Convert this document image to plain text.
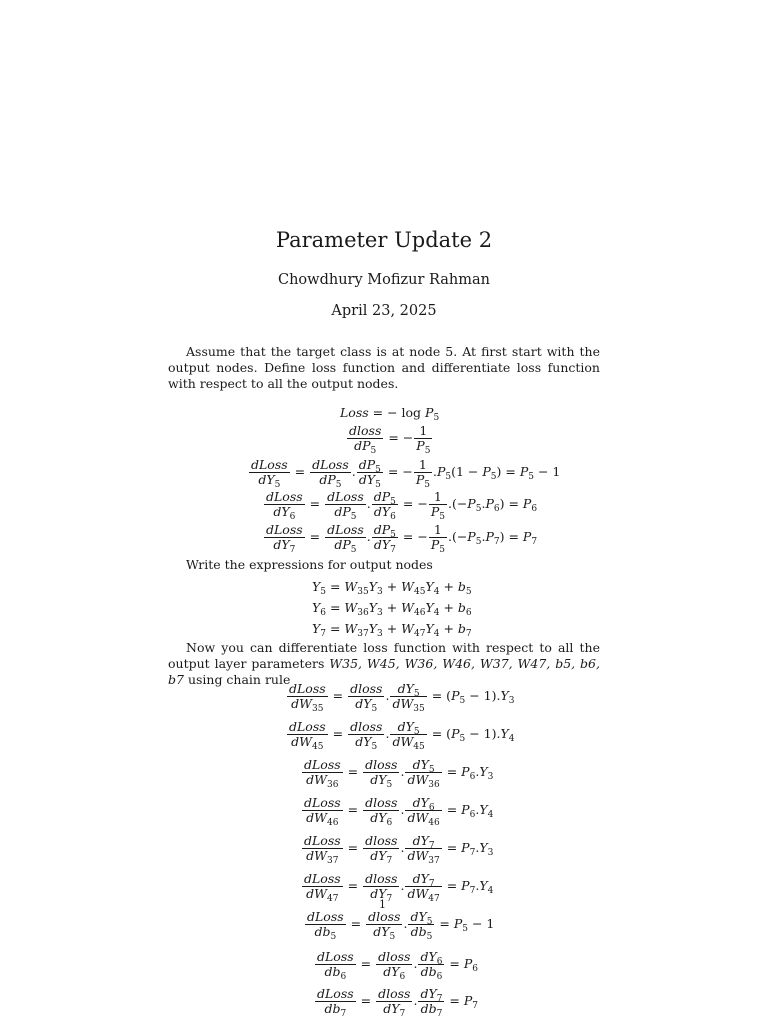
Parameter Update 2
Chowdhury Mofizur Rahman
April 23, 2025
Assume that the target class is at node 5. At first start with the output nodes. Define loss function and differentiate loss function with respect to all the output nodes.
Loss = − $\log P_5$
$\frac{\text{dloss}}{dP_5}$ = − $\frac{1}{P_5}$
$\frac{\text{dLoss}}{dY_5} = \frac{\text{dLoss}}{dP_5}$ . $\frac{dP_5}{dY_5}$ = − $\frac{1}{P_5} .P_5(1 - P_5) = P_5 - 1$
$\frac{\text{dLoss}}{dY_6} = \frac{\text{dLoss}}{dP_5}$ . $\frac{dP_5}{dY_6}$ = − $\frac{1}{P_5} .(-P_5.P_6) = P_6$
$\frac{\text{dLoss}}{dY_7} = \frac{\text{dLoss}}{dP_5}$ . $\frac{dP_5}{dY_7}$ = − $\frac{1}{P_5} .(-P_5.P_7) = P_7$
Write the expressions for output nodes
$Y_5 = W_{35}Y_3 + W_{45}Y_4 + b_5$
$Y_6 = W_{36}Y_3 + W_{46}Y_4 + b_6$
$Y_7 = W_{37}Y_3 + W_{47}Y_4 + b_7$
Now you can differentiate loss function with respect to all the output layer parameters W35, W45, W36, W46, W37, W47, b5, b6, b7 using chain rule
$\frac{\text{dLoss}}{dW_{35}} = \frac{\text{dloss}}{dY_5}$ . $\frac{dY_5}{dW_{35}} = (P_5 - 1).Y_3$
$\frac{\text{dLoss}}{dW_{45}} = \frac{\text{dloss}}{dY_5}$ . $\frac{dY_5}{dW_{45}} = (P_5 - 1).Y_4$
$\frac{\text{dLoss}}{dW_{36}} = \frac{\text{dloss}}{dY_5}$ . $\frac{dY_5}{dW_{36}} = P_6.Y_3$
$\frac{\text{dLoss}}{dW_{46}} = \frac{\text{dloss}}{dY_6}$ . $\frac{dY_6}{dW_{46}} = P_6.Y_4$
$\frac{\text{dLoss}}{dW_{37}} = \frac{\text{dloss}}{dY_7}$ . $\frac{dY_7}{dW_{37}} = P_7.Y_3$
$\frac{\text{dLoss}}{dW_{47}} = \frac{\text{dloss}}{dY_7}$ . $\frac{dY_7}{dW_{47}} = P_7.Y_4$
1
$\frac{\text{dLoss}}{db_5} = \frac{\text{dloss}}{dY_5}$ . $\frac{dY_5}{db_5} = P_5 - 1$
$\frac{\text{dLoss}}{db_6} = \frac{\text{dloss}}{dY_6}$ . $\frac{dY_6}{db_6} = P_6$
$\frac{\text{dLoss}}{db_7} = \frac{\text{dloss}}{dY_7}$ . $\frac{dY_7}{db_7} = P_7$
